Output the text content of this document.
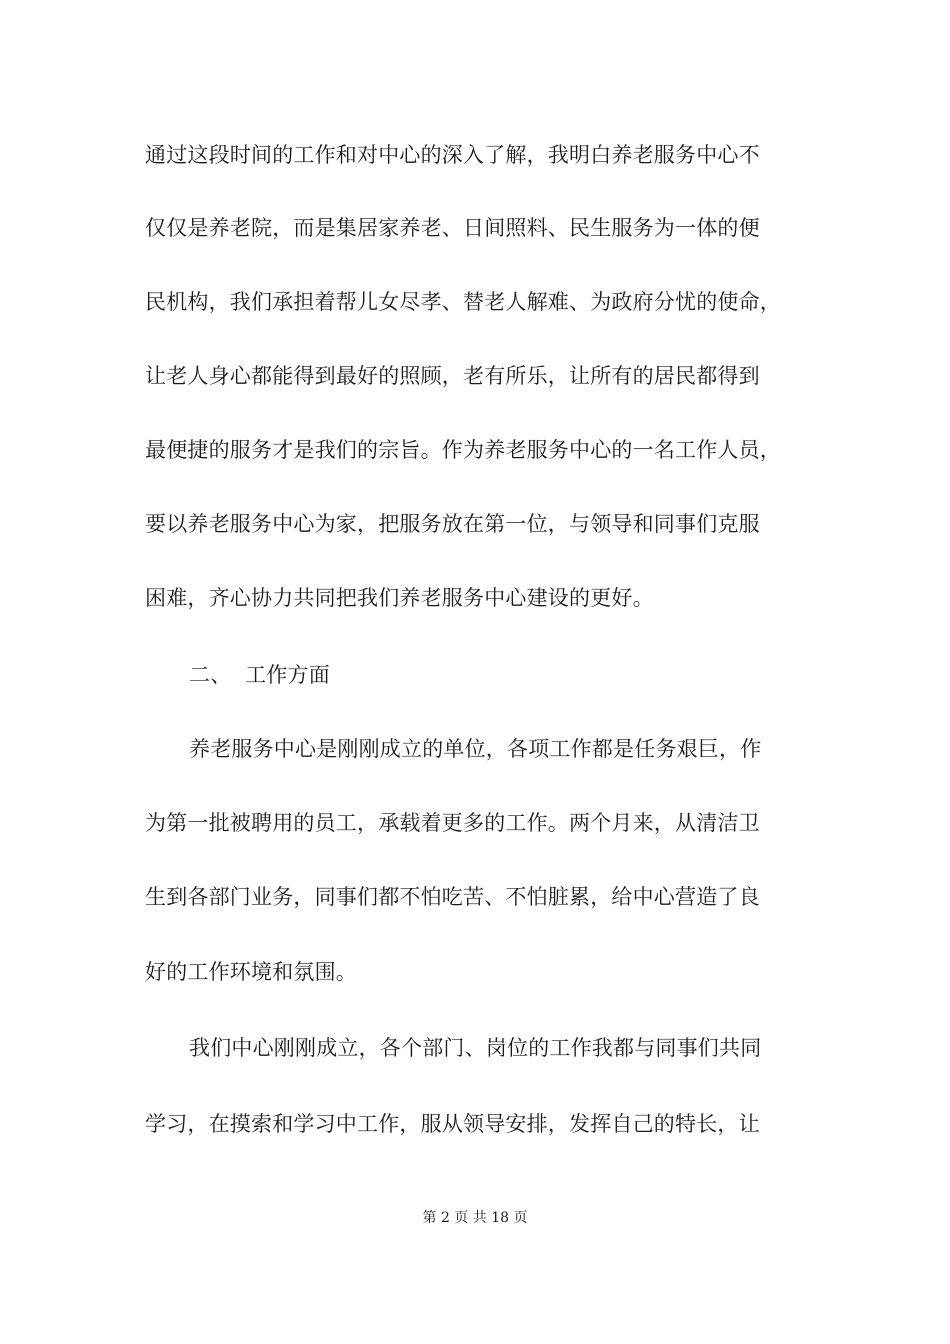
通过这段时间的工作和对中心的深入了解，我明白养老服务中心不
仅仅是养老院，而是集居家养老、日间照料、民生服务为一体的便
民机构，我们承担着帮儿女尽孝、替老人解难、为政府分忧的使命，
让老人身心都能得到最好的照顾，老有所乐，让所有的居民都得到
最便捷的服务才是我们的宗旨。作为养老服务中心的一名工作人员，
要以养老服务中心为家，把服务放在第一位，与领导和同事们克服
困难，齐心协力共同把我们养老服务中心建设的更好。
二、  工作方面
养老服务中心是刚刚成立的单位，各项工作都是任务艰巨，作
为第一批被聘用的员工，承载着更多的工作。两个月来，从清洁卫
生到各部门业务，同事们都不怕吃苦、不怕脏累，给中心营造了良
好的工作环境和氛围。
我们中心刚刚成立，各个部门、岗位的工作我都与同事们共同
学习，在摸索和学习中工作，服从领导安排，发挥自己的特长，让
第 2 页 共 18 页
